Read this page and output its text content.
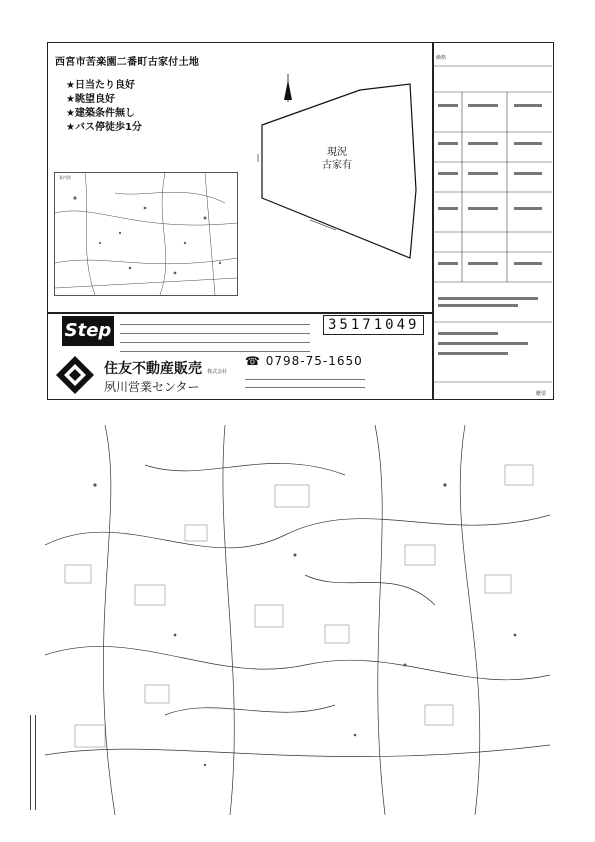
西宮市苦楽園二番町古家付土地
★日当たり良好
★眺望良好
★建築条件無し
★バス停徒歩1分
現況
古家有
案内図
Step	35171049
住友不動産販売 株式会社
夙川営業センター
☎ 0798-75-1650
価格
概要
